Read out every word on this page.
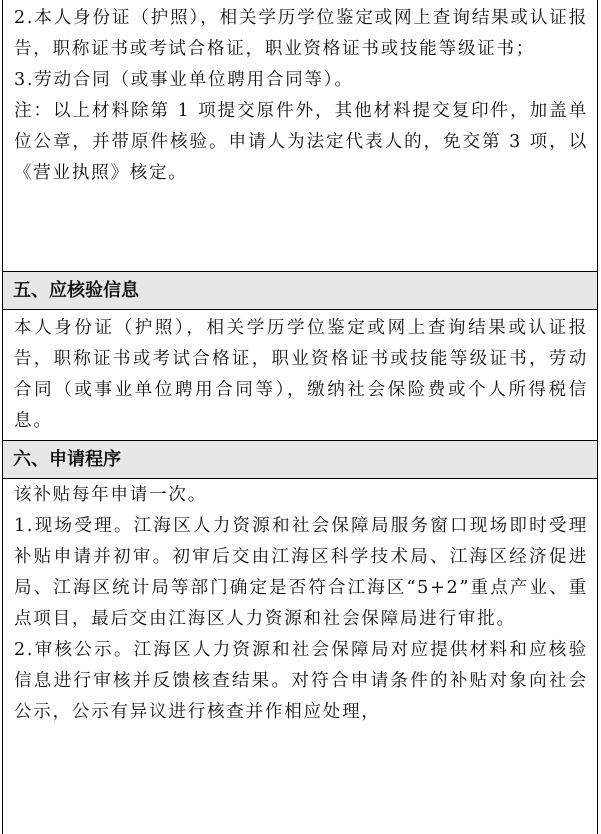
2.本人身份证（护照），相关学历学位鉴定或网上查询结果或认证报告，职称证书或考试合格证，职业资格证书或技能等级证书；

3.劳动合同（或事业单位聘用合同等）。

注：以上材料除第 1 项提交原件外，其他材料提交复印件，加盖单位公章，并带原件核验。申请人为法定代表人的，免交第 3 项，以《营业执照》核定。

五、应核验信息

本人身份证（护照），相关学历学位鉴定或网上查询结果或认证报告，职称证书或考试合格证，职业资格证书或技能等级证书，劳动合同（或事业单位聘用合同等），缴纳社会保险费或个人所得税信息。

六、申请程序

该补贴每年申请一次。

1.现场受理。江海区人力资源和社会保障局服务窗口现场即时受理补贴申请并初审。初审后交由江海区科学技术局、江海区经济促进局、江海区统计局等部门确定是否符合江海区“5+2”重点产业、重点项目，最后交由江海区人力资源和社会保障局进行审批。

2.审核公示。江海区人力资源和社会保障局对应提供材料和应核验信息进行审核并反馈核查结果。对符合申请条件的补贴对象向社会公示，公示有异议进行核查并作相应处理，
